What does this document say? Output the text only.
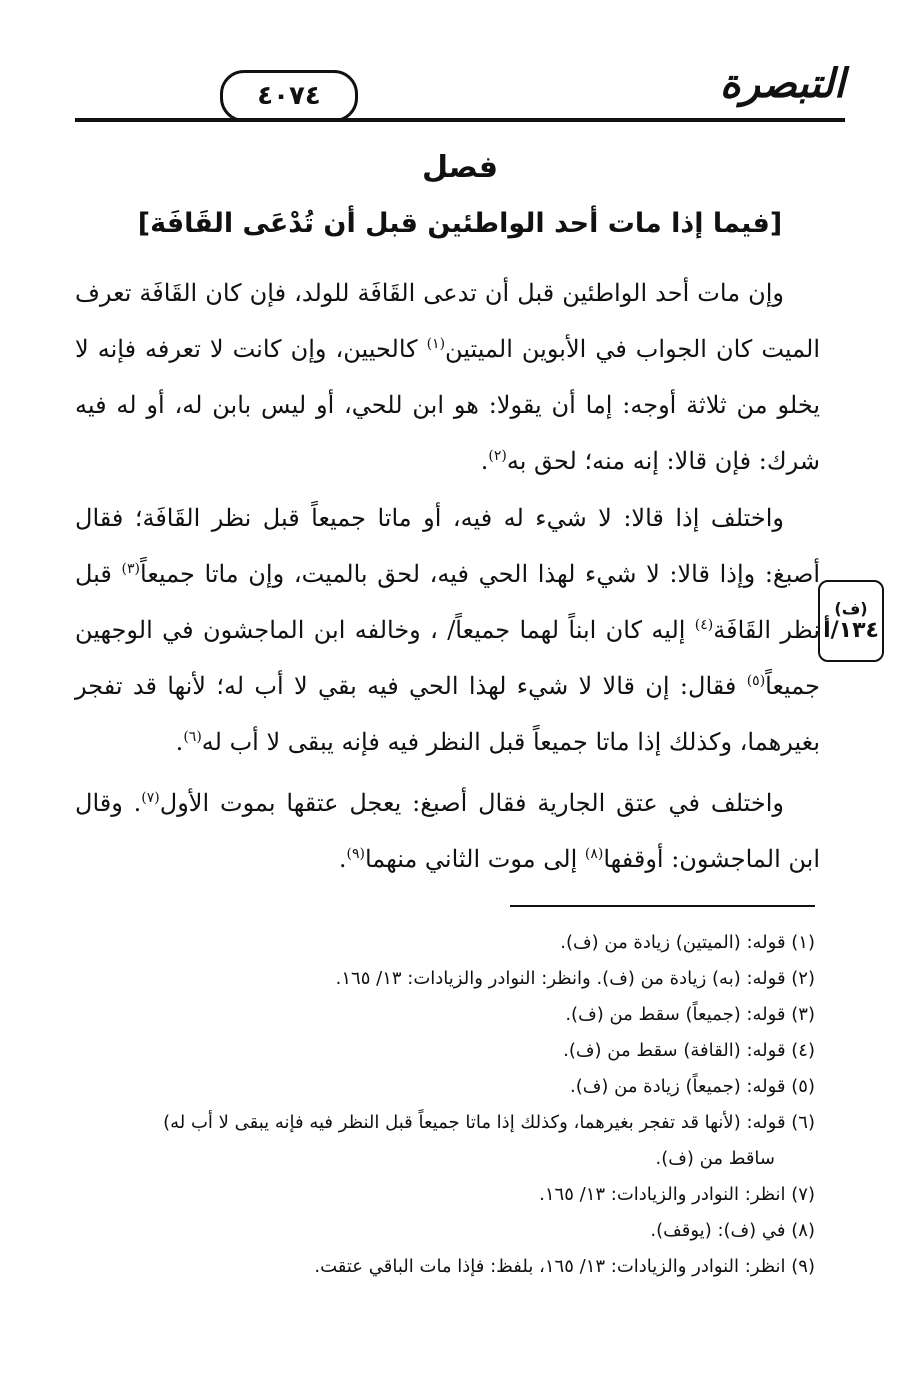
٤٠٧٤	التبصرة
فصل
[فيما إذا مات أحد الواطئين قبل أن تُدْعَى القَافَة]
وإن مات أحد الواطئين قبل أن تدعى القَافَة للولد، فإن كان القَافَة تعرف الميت كان الجواب في الأبوين الميتين$^{(١)}$ كالحيين، وإن كانت لا تعرفه فإنه لا يخلو من ثلاثة أوجه: إما أن يقولا: هو ابن للحي، أو ليس بابن له، أو له فيه شرك: فإن قالا: إنه منه؛ لحق به$^{(٢)}$.
واختلف إذا قالا: لا شيء له فيه، أو ماتا جميعاً قبل نظر القَافَة؛ فقال أصبغ: وإذا قالا: لا شيء لهذا الحي فيه، لحق بالميت، وإن ماتا جميعاً$^{(٣)}$ قبل نظر القَافَة$^{(٤)}$ إليه كان ابناً لهما جميعاً/ ، وخالفه ابن الماجشون في الوجهين جميعاً$^{(٥)}$ فقال: إن قالا لا شيء لهذا الحي فيه بقي لا أب له؛ لأنها قد تفجر بغيرهما، وكذلك إذا ماتا جميعاً قبل النظر فيه فإنه يبقى لا أب له$^{(٦)}$.
(ف)
١٣٤/أ
واختلف في عتق الجارية فقال أصبغ: يعجل عتقها بموت الأول$^{(٧)}$. وقال ابن الماجشون: أوقفها$^{(٨)}$ إلى موت الثاني منهما$^{(٩)}$.
(١) قوله: (الميتين) زيادة من (ف).
(٢) قوله: (به) زيادة من (ف). وانظر: النوادر والزيادات: ١٣/ ١٦٥.
(٣) قوله: (جميعاً) سقط من (ف).
(٤) قوله: (القافة) سقط من (ف).
(٥) قوله: (جميعاً) زيادة من (ف).
(٦) قوله: (لأنها قد تفجر بغيرهما، وكذلك إذا ماتا جميعاً قبل النظر فيه فإنه يبقى لا أب له)
ساقط من (ف).
(٧) انظر: النوادر والزيادات: ١٣/ ١٦٥.
(٨) في (ف): (يوقف).
(٩) انظر: النوادر والزيادات: ١٣/ ١٦٥، بلفظ: فإذا مات الباقي عتقت.
